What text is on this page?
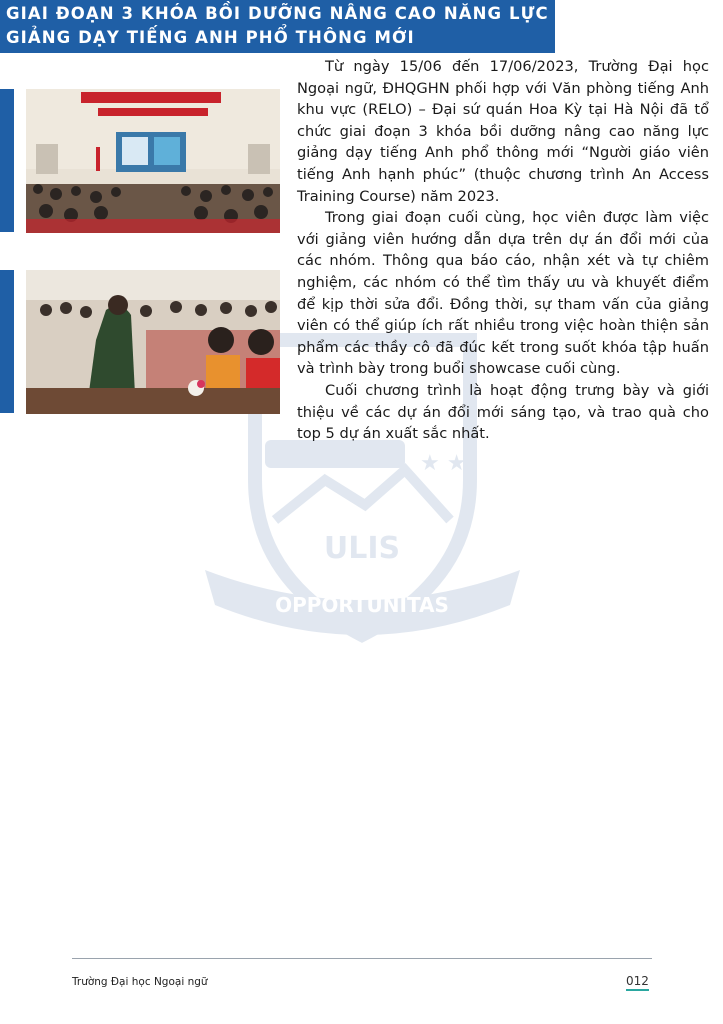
★ ★
ULIS
OPPORTUNITAS
GIAI ĐOẠN 3 KHÓA BỒI DƯỠNG NÂNG CAO NĂNG LỰC
GIẢNG DẠY TIẾNG ANH PHỔ THÔNG MỚI

Từ ngày 15/06 đến 17/06/2023, Trường Đại học Ngoại ngữ, ĐHQGHN phối hợp với Văn phòng tiếng Anh khu vực (RELO) – Đại sứ quán Hoa Kỳ tại Hà Nội đã tổ chức giai đoạn 3 khóa bồi dưỡng nâng cao năng lực giảng dạy tiếng Anh phổ thông mới “Người giáo viên tiếng Anh hạnh phúc” (thuộc chương trình An Access Training Course) năm 2023.

Trong giai đoạn cuối cùng, học viên được làm việc với giảng viên hướng dẫn dựa trên dự án đổi mới của các nhóm. Thông qua báo cáo, nhận xét và tự chiêm nghiệm, các nhóm có thể tìm thấy ưu và khuyết điểm để kịp thời sửa đổi. Đồng thời, sự tham vấn của giảng viên có thể giúp ích rất nhiều trong việc hoàn thiện sản phẩm các thầy cô đã đúc kết trong suốt khóa tập huấn và trình bày trong buổi showcase cuối cùng.

Cuối chương trình là hoạt động trưng bày và giới thiệu về các dự án đổi mới sáng tạo, và trao quà cho top 5 dự án xuất sắc nhất.

Trường Đại học Ngoại ngữ	012
